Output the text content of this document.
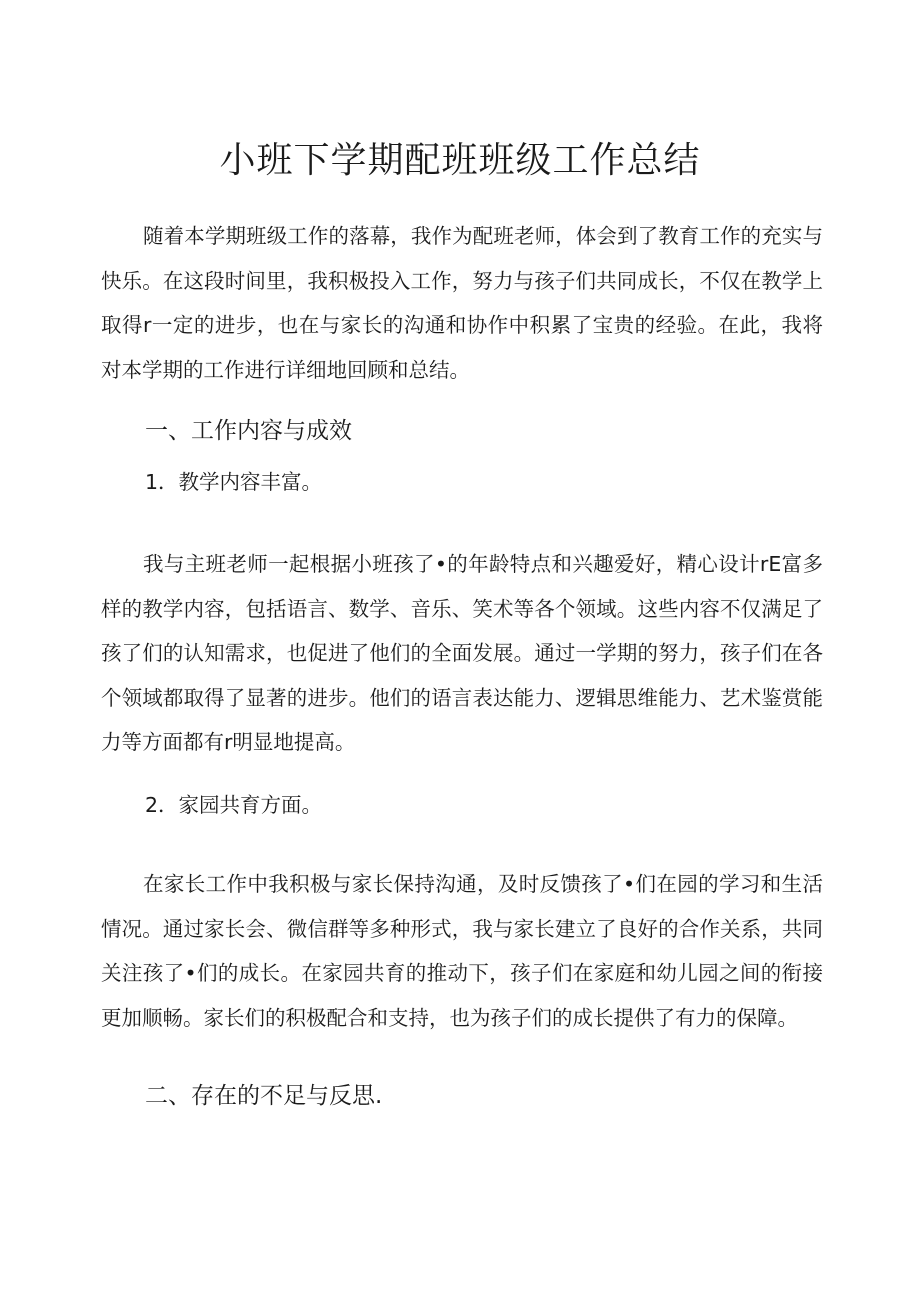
小班下学期配班班级工作总结

随着本学期班级工作的落幕，我作为配班老师，体会到了教育工作的充实与快乐。在这段时间里，我积极投入工作，努力与孩子们共同成长，不仅在教学上取得r一定的进步，也在与家长的沟通和协作中积累了宝贵的经验。在此，我将对本学期的工作进行详细地回顾和总结。

一、工作内容与成效

1．教学内容丰富。

我与主班老师一起根据小班孩了•的年龄特点和兴趣爱好，精心设计rE富多样的教学内容，包括语言、数学、音乐、笑术等各个领域。这些内容不仅满足了孩了们的认知需求，也促进了他们的全面发展。通过一学期的努力，孩子们在各个领域都取得了显著的进步。他们的语言表达能力、逻辑思维能力、艺术鉴赏能力等方面都有r明显地提高。

2．家园共育方面。

在家长工作中我积极与家长保持沟通，及时反馈孩了•们在园的学习和生活情况。通过家长会、微信群等多种形式，我与家长建立了良好的合作关系，共同关注孩了•们的成长。在家园共育的推动下，孩子们在家庭和幼儿园之间的衔接更加顺畅。家长们的积极配合和支持，也为孩子们的成长提供了有力的保障。

二、存在的不足与反思.
